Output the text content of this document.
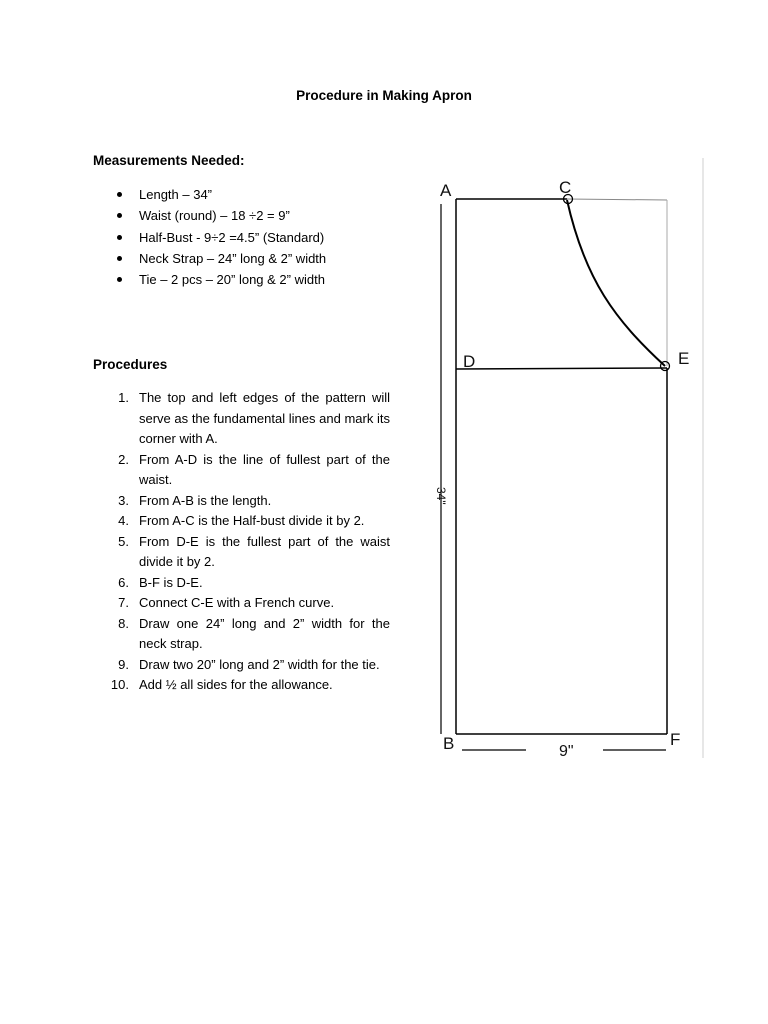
Procedure in Making Apron
Measurements Needed:
Length – 34”
Waist (round) – 18 ÷2 = 9”
Half-Bust - 9÷2 =4.5” (Standard)
Neck Strap – 24” long & 2” width
Tie – 2 pcs – 20” long & 2” width
Procedures
1. The top and left edges of the pattern will serve as the fundamental lines and mark its corner with A.
2. From A-D is the line of fullest part of the waist.
3. From A-B is the length.
4. From A-C is the Half-bust divide it by 2.
5. From D-E is the fullest part of the waist divide it by 2.
6. B-F is D-E.
7. Connect C-E with a French curve.
8. Draw one 24” long and 2” width for the neck strap.
9. Draw two 20” long and 2” width for the tie.
10. Add ½ all sides for the allowance.
A	C
D	E
B	F
9"
34"
